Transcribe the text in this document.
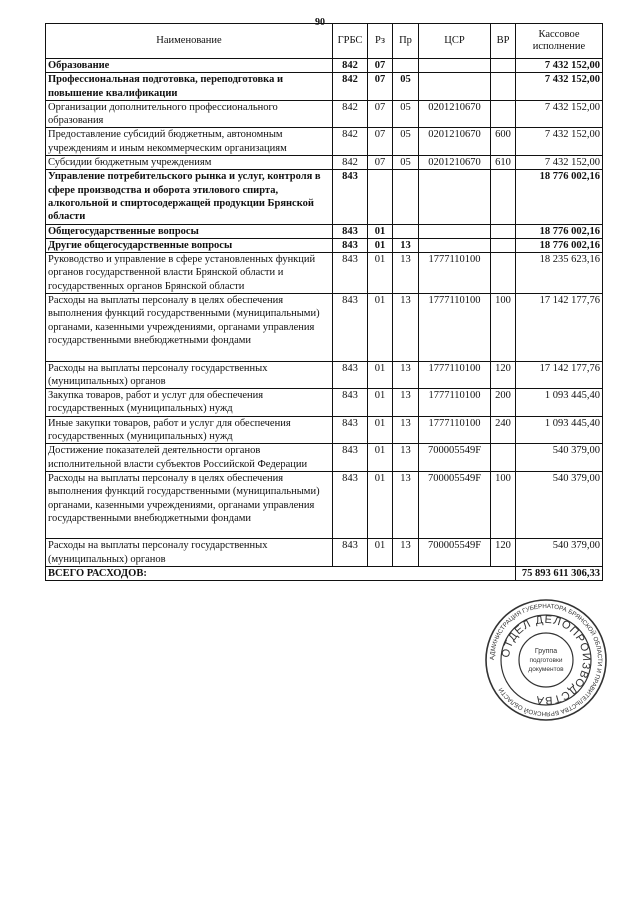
90
Наименование	ГРБС	Рз	Пр	ЦСР	ВР	Кассовое исполнение
Образование	842	07				7 432 152,00
Профессиональная подготовка, переподготовка и повышение квалификации	842	07	05			7 432 152,00
Организации дополнительного профессионального образования	842	07	05	0201210670		7 432 152,00
Предоставление субсидий бюджетным, автономным учреждениям и иным некоммерческим организациям	842	07	05	0201210670	600	7 432 152,00
Субсидии бюджетным учреждениям	842	07	05	0201210670	610	7 432 152,00
Управление потребительского рынка и услуг, контроля в сфере производства и оборота этилового спирта, алкогольной и спиртосодержащей продукции Брянской области	843					18 776 002,16
Общегосударственные вопросы	843	01				18 776 002,16
Другие общегосударственные вопросы	843	01	13			18 776 002,16
Руководство и управление в сфере установленных функций органов государственной власти Брянской области и государственных органов Брянской области	843	01	13	1777110100		18 235 623,16
Расходы на выплаты персоналу в целях обеспечения выполнения функций государственными (муниципальными) органами, казенными учреждениями, органами управления государственными внебюджетными фондами	843	01	13	1777110100	100	17 142 177,76
Расходы на выплаты персоналу государственных (муниципальных) органов	843	01	13	1777110100	120	17 142 177,76
Закупка товаров, работ и услуг для обеспечения государственных (муниципальных) нужд	843	01	13	1777110100	200	1 093 445,40
Иные закупки товаров, работ и услуг для обеспечения государственных (муниципальных) нужд	843	01	13	1777110100	240	1 093 445,40
Достижение показателей деятельности органов исполнительной власти субъектов Российской Федерации	843	01	13	700005549F		540 379,00
Расходы на выплаты персоналу в целях обеспечения выполнения функций государственными (муниципальными) органами, казенными учреждениями, органами управления государственными внебюджетными фондами	843	01	13	700005549F	100	540 379,00
Расходы на выплаты персоналу государственных (муниципальных) органов	843	01	13	700005549F	120	540 379,00
ВСЕГО РАСХОДОВ:						75 893 611 306,33
АДМИНИСТРАЦИЯ ГУБЕРНАТОРА БРЯНСКОЙ ОБЛАСТИ И ПРАВИТЕЛЬСТВА БРЯНСКОЙ ОБЛАСТИ
ОТДЕЛ ДЕЛОПРОИЗВОДСТВА
Группа
подготовки
документов
